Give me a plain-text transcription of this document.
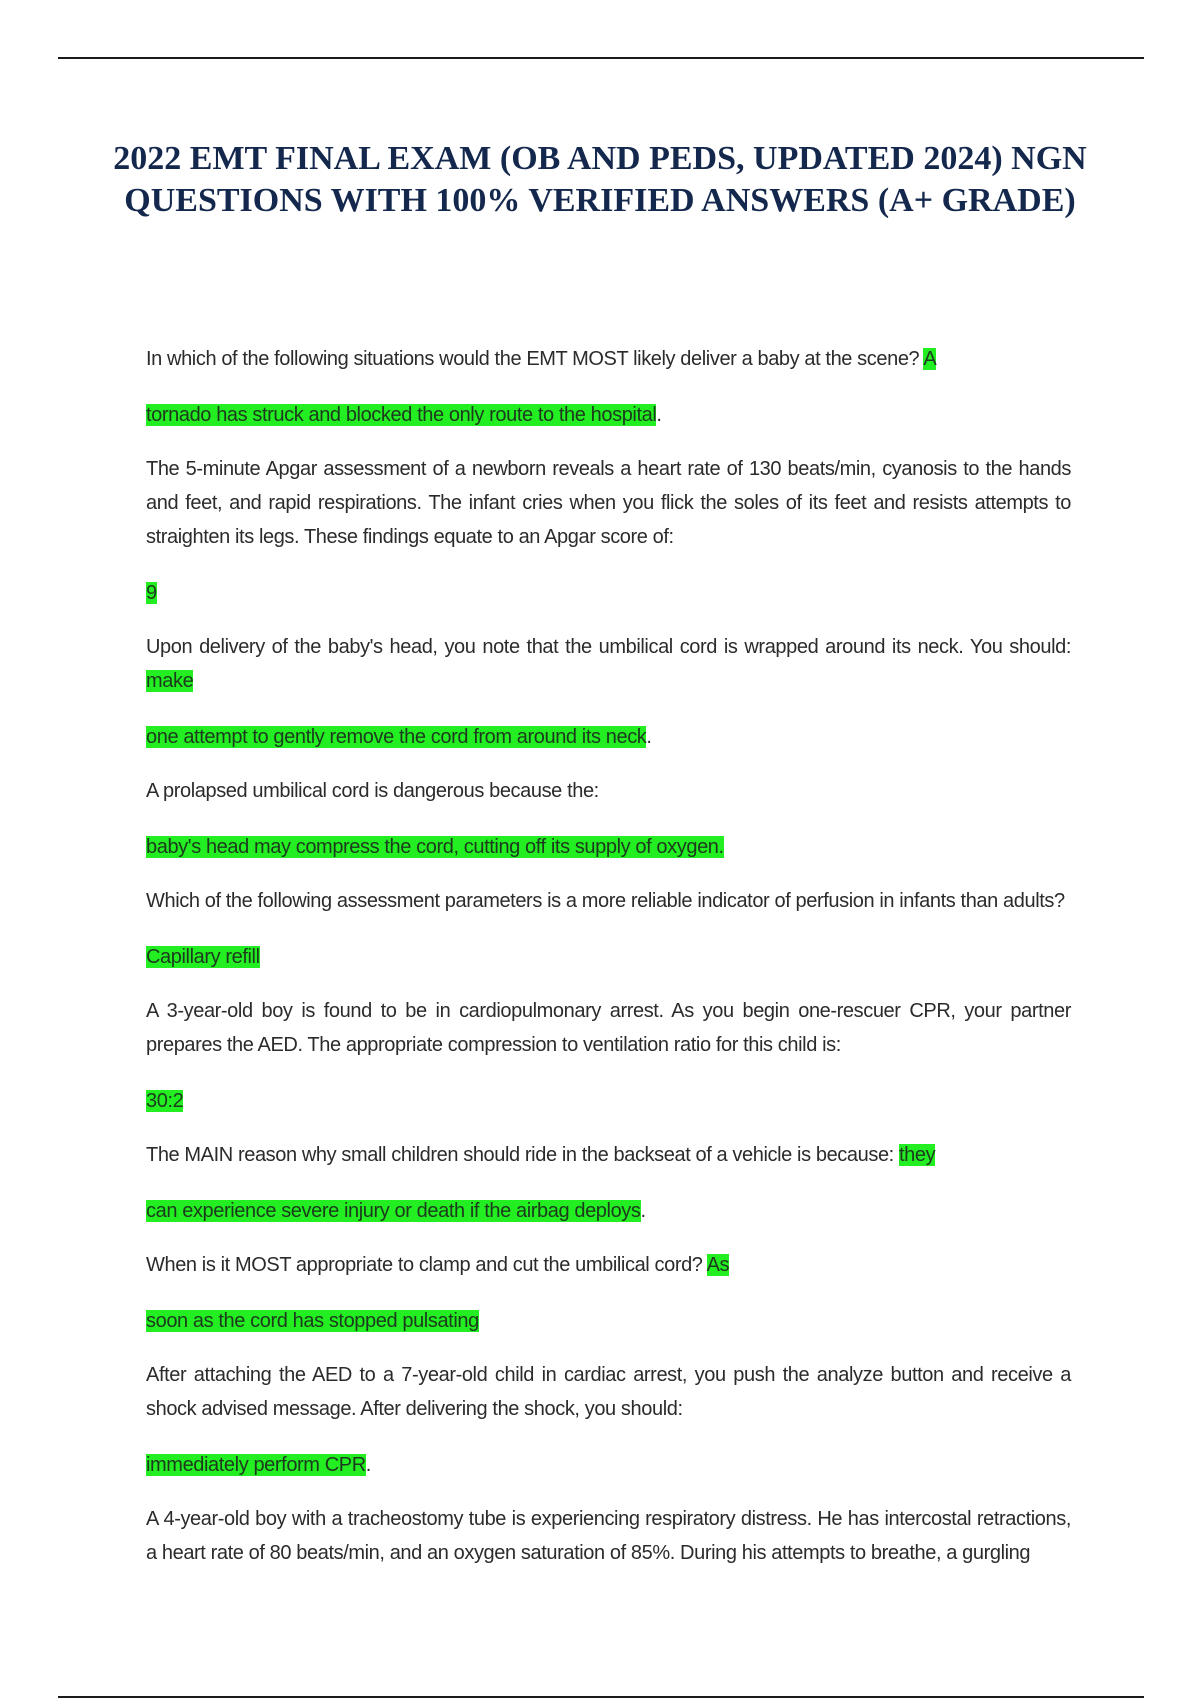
2022 EMT FINAL EXAM (OB AND PEDS, UPDATED 2024) NGN QUESTIONS WITH 100% VERIFIED ANSWERS (A+ GRADE)

In which of the following situations would the EMT MOST likely deliver a baby at the scene? A

tornado has struck and blocked the only route to the hospital.

The 5-minute Apgar assessment of a newborn reveals a heart rate of 130 beats/min, cyanosis to the hands and feet, and rapid respirations. The infant cries when you flick the soles of its feet and resists attempts to straighten its legs. These findings equate to an Apgar score of:

9

Upon delivery of the baby's head, you note that the umbilical cord is wrapped around its neck. You should: make

one attempt to gently remove the cord from around its neck.

A prolapsed umbilical cord is dangerous because the:

baby's head may compress the cord, cutting off its supply of oxygen.

Which of the following assessment parameters is a more reliable indicator of perfusion in infants than adults?

Capillary refill

A 3-year-old boy is found to be in cardiopulmonary arrest. As you begin one-rescuer CPR, your partner prepares the AED. The appropriate compression to ventilation ratio for this child is:

30:2

The MAIN reason why small children should ride in the backseat of a vehicle is because: they

can experience severe injury or death if the airbag deploys.

When is it MOST appropriate to clamp and cut the umbilical cord? As

soon as the cord has stopped pulsating

After attaching the AED to a 7-year-old child in cardiac arrest, you push the analyze button and receive a shock advised message. After delivering the shock, you should:

immediately perform CPR.

A 4-year-old boy with a tracheostomy tube is experiencing respiratory distress. He has intercostal retractions, a heart rate of 80 beats/min, and an oxygen saturation of 85%. During his attempts to breathe, a gurgling
